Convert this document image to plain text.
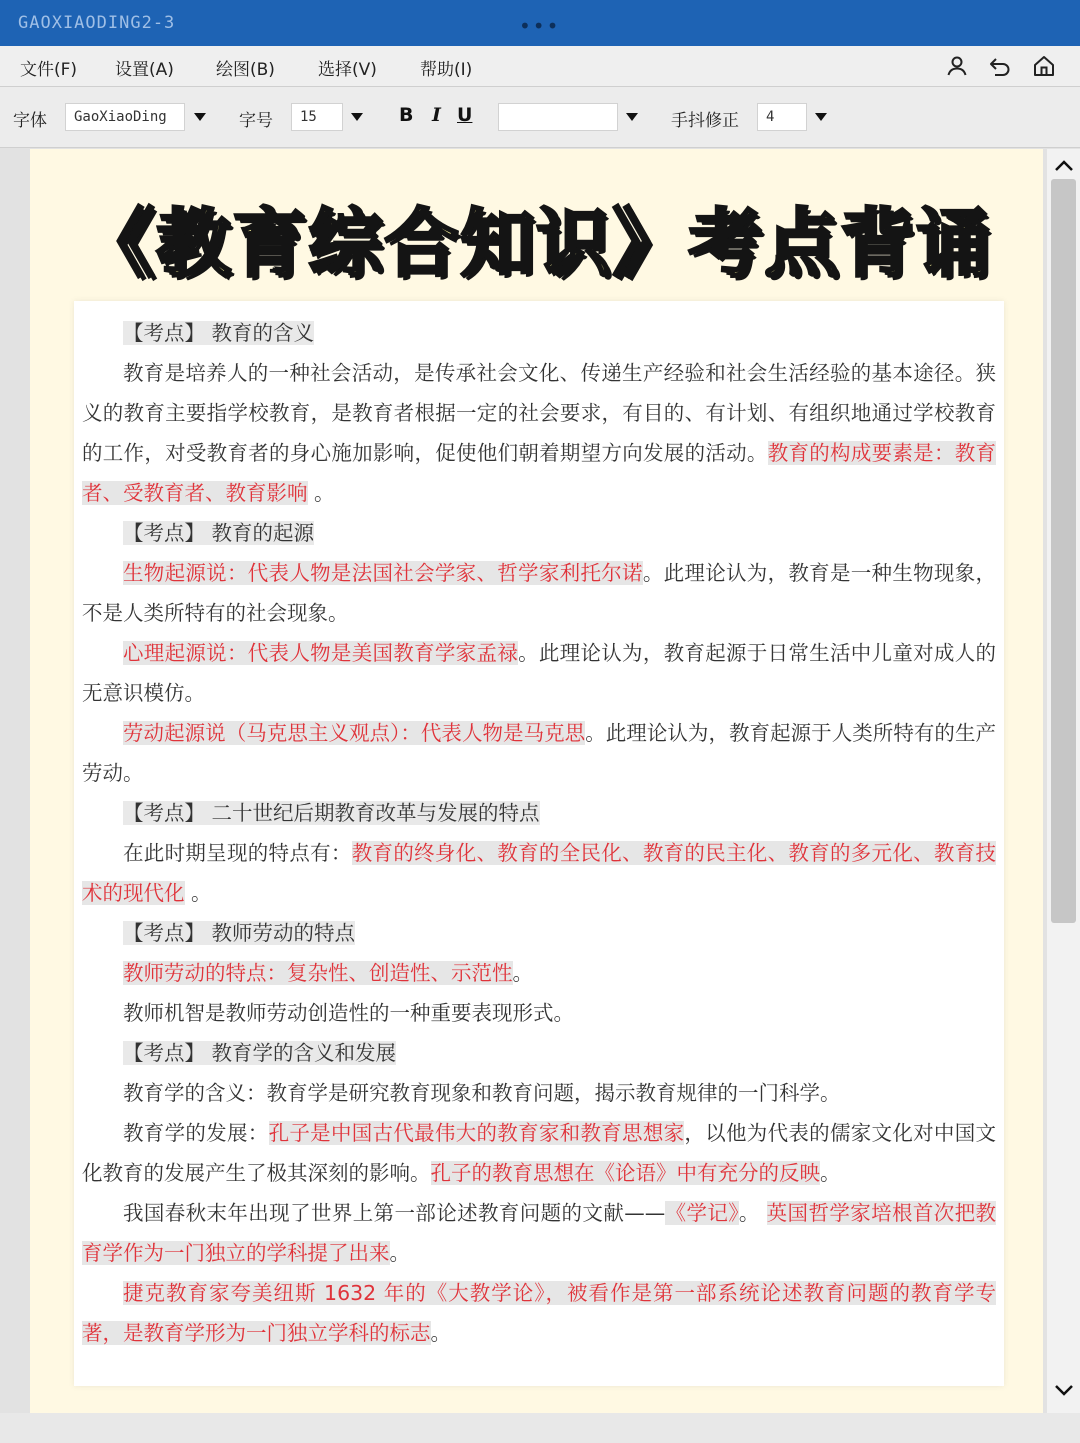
GAOXIAODING2-3	•••
文件(F) 设置(A) 绘图(B)	选择(V)	帮助(I)
字体	GaoXiaoDing	字号	15	B I U	手抖修正	4
《教育综合知识》考点背诵

【考点】 教育的含义

教育是培养人的一种社会活动，是传承社会文化、传递生产经验和社会生活经验的基本途径。狭义的教育主要指学校教育，是教育者根据一定的社会要求，有目的、有计划、有组织地通过学校教育的工作，对受教育者的身心施加影响，促使他们朝着期望方向发展的活动。教育的构成要素是：教育者、受教育者、教育影响 。

【考点】 教育的起源

生物起源说：代表人物是法国社会学家、哲学家利托尔诺。此理论认为，教育是一种生物现象，不是人类所特有的社会现象。

心理起源说：代表人物是美国教育学家孟禄。此理论认为，教育起源于日常生活中儿童对成人的无意识模仿。

劳动起源说（马克思主义观点）：代表人物是马克思。此理论认为，教育起源于人类所特有的生产劳动。

【考点】 二十世纪后期教育改革与发展的特点

在此时期呈现的特点有：教育的终身化、教育的全民化、教育的民主化、教育的多元化、教育技术的现代化 。

【考点】 教师劳动的特点

教师劳动的特点：复杂性、创造性、示范性。

教师机智是教师劳动创造性的一种重要表现形式。

【考点】 教育学的含义和发展

教育学的含义：教育学是研究教育现象和教育问题，揭示教育规律的一门科学。

教育学的发展：孔子是中国古代最伟大的教育家和教育思想家，以他为代表的儒家文化对中国文化教育的发展产生了极其深刻的影响。孔子的教育思想在《论语》中有充分的反映。

我国春秋末年出现了世界上第一部论述教育问题的文献——《学记》。 英国哲学家培根首次把教育学作为一门独立的学科提了出来。

捷克教育家夸美纽斯 1632 年的《大教学论》，被看作是第一部系统论述教育问题的教育学专著，是教育学形为一门独立学科的标志。
